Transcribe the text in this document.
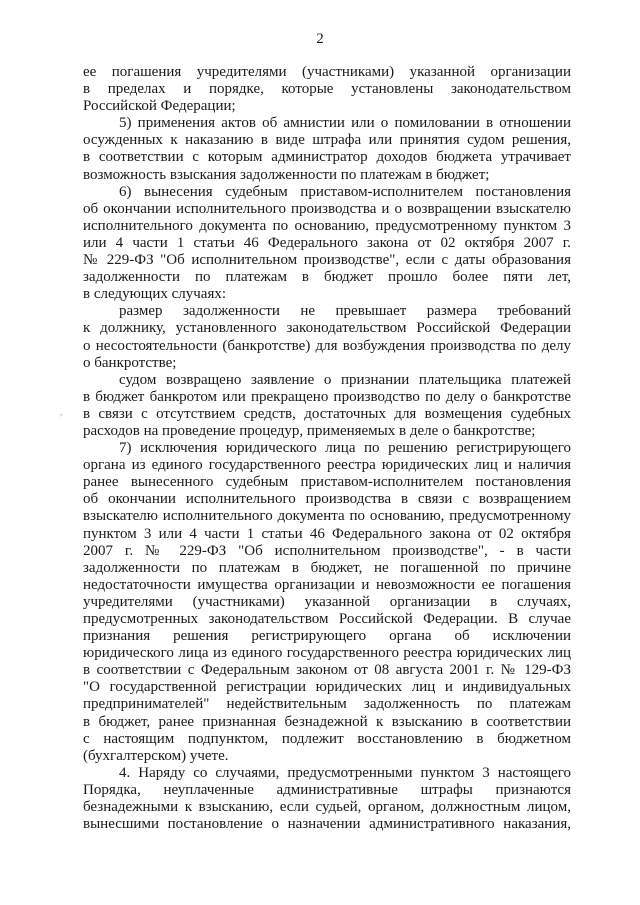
2
,
ее погашения учредителями (участниками) указанной организации
в пределах и порядке, которые установлены законодательством
Российской Федерации;
5) применения актов об амнистии или о помиловании в отношении
осужденных к наказанию в виде штрафа или принятия судом решения,
в соответствии с которым администратор доходов бюджета утрачивает
возможность взыскания задолженности по платежам в бюджет;
6) вынесения судебным приставом-исполнителем постановления
об окончании исполнительного производства и о возвращении взыскателю
исполнительного документа по основанию, предусмотренному пунктом 3
или 4 части 1 статьи 46 Федерального закона от 02 октября 2007 г.
№ 229-ФЗ "Об исполнительном производстве", если с даты образования
задолженности по платежам в бюджет прошло более пяти лет,
в следующих случаях:
размер задолженности не превышает размера требований
к должнику, установленного законодательством Российской Федерации
о несостоятельности (банкротстве) для возбуждения производства по делу
о банкротстве;
судом возвращено заявление о признании плательщика платежей
в бюджет банкротом или прекращено производство по делу о банкротстве
в связи с отсутствием средств, достаточных для возмещения судебных
расходов на проведение процедур, применяемых в деле о банкротстве;
7) исключения юридического лица по решению регистрирующего
органа из единого государственного реестра юридических лиц и наличия
ранее вынесенного судебным приставом-исполнителем постановления
об окончании исполнительного производства в связи с возвращением
взыскателю исполнительного документа по основанию, предусмотренному
пунктом 3 или 4 части 1 статьи 46 Федерального закона от 02 октября
2007 г. № 229-ФЗ "Об исполнительном производстве", - в части
задолженности по платежам в бюджет, не погашенной по причине
недостаточности имущества организации и невозможности ее погашения
учредителями (участниками) указанной организации в случаях,
предусмотренных законодательством Российской Федерации. В случае
признания решения регистрирующего органа об исключении
юридического лица из единого государственного реестра юридических лиц
в соответствии с Федеральным законом от 08 августа 2001 г. № 129-ФЗ
"О государственной регистрации юридических лиц и индивидуальных
предпринимателей" недействительным задолженность по платежам
в бюджет, ранее признанная безнадежной к взысканию в соответствии
с настоящим подпунктом, подлежит восстановлению в бюджетном
(бухгалтерском) учете.
4. Наряду со случаями, предусмотренными пунктом 3 настоящего
Порядка, неуплаченные административные штрафы признаются
безнадежными к взысканию, если судьей, органом, должностным лицом,
вынесшими постановление о назначении административного наказания,
